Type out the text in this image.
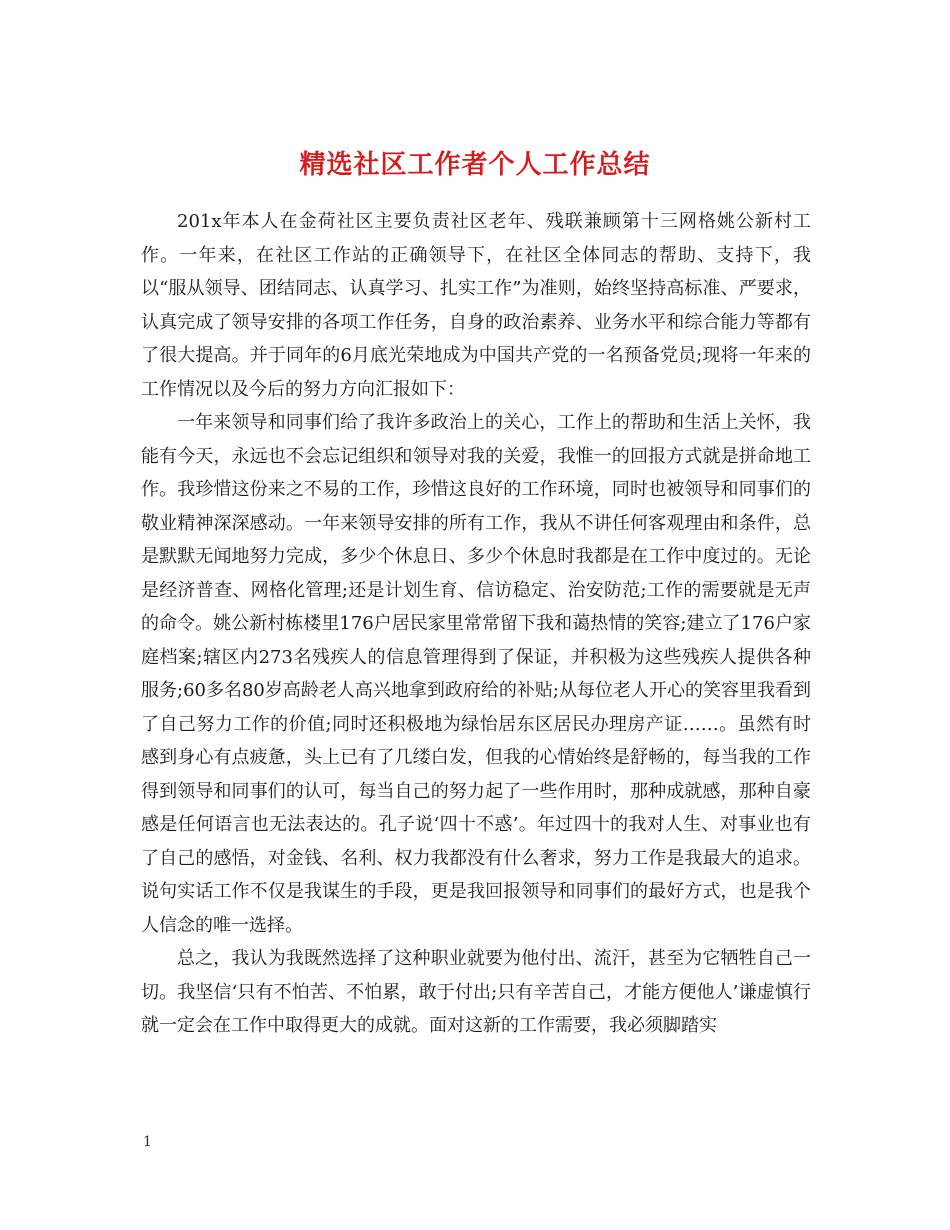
精选社区工作者个人工作总结

201x年本人在金荷社区主要负责社区老年、残联兼顾第十三网格姚公新村工作。一年来，在社区工作站的正确领导下，在社区全体同志的帮助、支持下，我以“服从领导、团结同志、认真学习、扎实工作”为准则，始终坚持高标准、严要求，认真完成了领导安排的各项工作任务，自身的政治素养、业务水平和综合能力等都有了很大提高。并于同年的6月底光荣地成为中国共产党的一名预备党员;现将一年来的工作情况以及今后的努力方向汇报如下：

一年来领导和同事们给了我许多政治上的关心，工作上的帮助和生活上关怀，我能有今天，永远也不会忘记组织和领导对我的关爱，我惟一的回报方式就是拼命地工作。我珍惜这份来之不易的工作，珍惜这良好的工作环境，同时也被领导和同事们的敬业精神深深感动。一年来领导安排的所有工作，我从不讲任何客观理由和条件，总是默默无闻地努力完成，多少个休息日、多少个休息时我都是在工作中度过的。无论是经济普查、网格化管理;还是计划生育、信访稳定、治安防范;工作的需要就是无声的命令。姚公新村栋楼里176户居民家里常常留下我和蔼热情的笑容;建立了176户家庭档案;辖区内273名残疾人的信息管理得到了保证，并积极为这些残疾人提供各种服务;60多名80岁高龄老人高兴地拿到政府给的补贴;从每位老人开心的笑容里我看到了自己努力工作的价值;同时还积极地为绿怡居东区居民办理房产证……。虽然有时感到身心有点疲惫，头上已有了几缕白发，但我的心情始终是舒畅的，每当我的工作得到领导和同事们的认可，每当自己的努力起了一些作用时，那种成就感，那种自豪感是任何语言也无法表达的。孔子说‘四十不惑’。年过四十的我对人生、对事业也有了自己的感悟，对金钱、名利、权力我都没有什么奢求，努力工作是我最大的追求。说句实话工作不仅是我谋生的手段，更是我回报领导和同事们的最好方式，也是我个人信念的唯一选择。

总之，我认为我既然选择了这种职业就要为他付出、流汗，甚至为它牺牲自己一切。我坚信‘只有不怕苦、不怕累，敢于付出;只有辛苦自己，才能方便他人’谦虚慎行就一定会在工作中取得更大的成就。面对这新的工作需要，我必须脚踏实

1
